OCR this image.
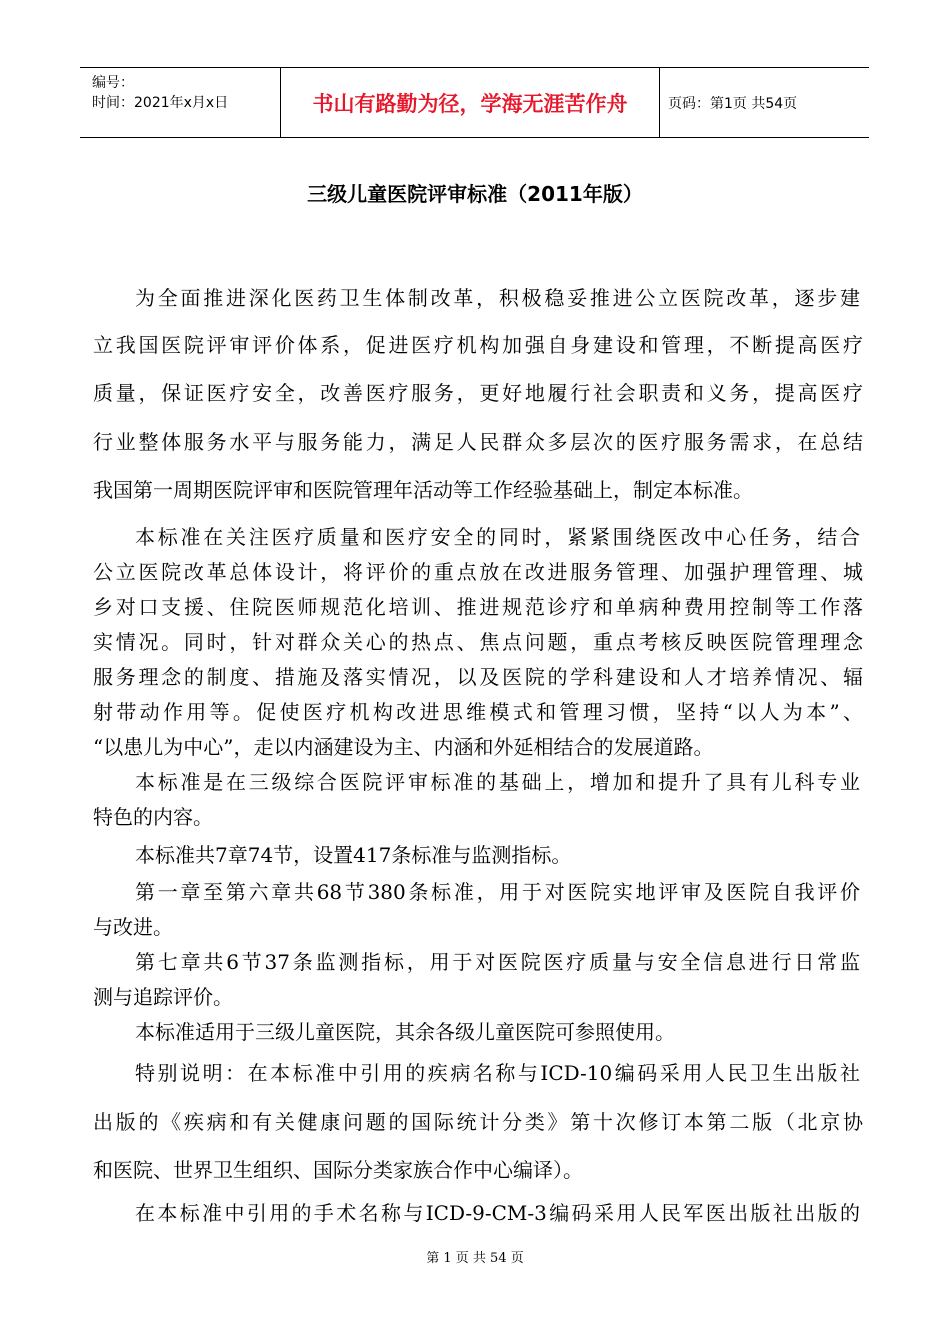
编号：
时间：2021年x月x日	书山有路勤为径，学海无涯苦作舟	页码：第1页 共54页
三级儿童医院评审标准（2011年版）
为全面推进深化医药卫生体制改革，积极稳妥推进公立医院改革，逐步建
立我国医院评审评价体系，促进医疗机构加强自身建设和管理，不断提高医疗
质量，保证医疗安全，改善医疗服务，更好地履行社会职责和义务，提高医疗
行业整体服务水平与服务能力，满足人民群众多层次的医疗服务需求，在总结
我国第一周期医院评审和医院管理年活动等工作经验基础上，制定本标准。
本标准在关注医疗质量和医疗安全的同时，紧紧围绕医改中心任务，结合
公立医院改革总体设计，将评价的重点放在改进服务管理、加强护理管理、城
乡对口支援、住院医师规范化培训、推进规范诊疗和单病种费用控制等工作落
实情况。同时，针对群众关心的热点、焦点问题，重点考核反映医院管理理念
服务理念的制度、措施及落实情况，以及医院的学科建设和人才培养情况、辐
射带动作用等。促使医疗机构改进思维模式和管理习惯，坚持“以人为本”、
“以患儿为中心”，走以内涵建设为主、内涵和外延相结合的发展道路。
本标准是在三级综合医院评审标准的基础上，增加和提升了具有儿科专业
特色的内容。
本标准共7章74节，设置417条标准与监测指标。
第一章至第六章共68节380条标准，用于对医院实地评审及医院自我评价
与改进。
第七章共6节37条监测指标，用于对医院医疗质量与安全信息进行日常监
测与追踪评价。
本标准适用于三级儿童医院，其余各级儿童医院可参照使用。
特别说明：在本标准中引用的疾病名称与ICD-10编码采用人民卫生出版社
出版的《疾病和有关健康问题的国际统计分类》第十次修订本第二版（北京协
和医院、世界卫生组织、国际分类家族合作中心编译）。
在本标准中引用的手术名称与ICD-9-CM-3编码采用人民军医出版社出版的
第 1 页 共 54 页
